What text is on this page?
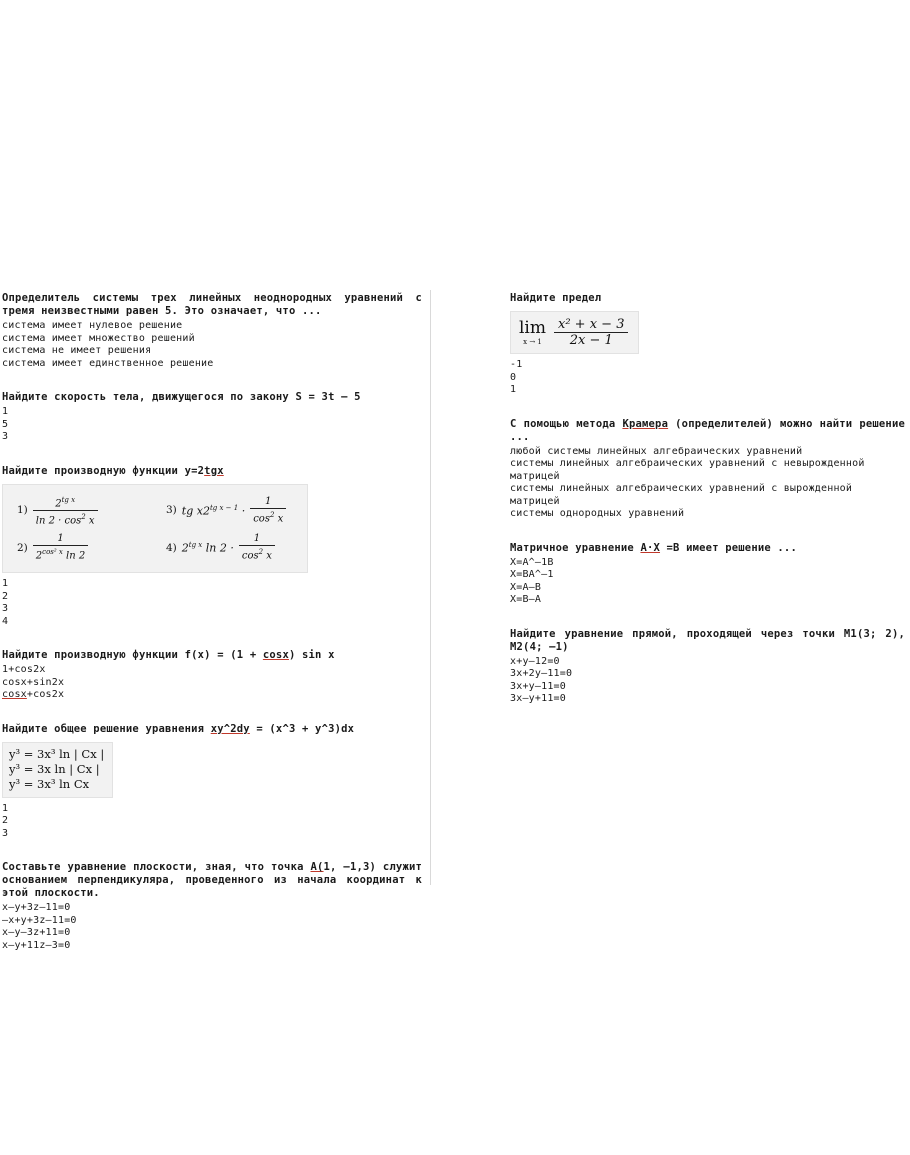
Определитель системы трех линейных неоднородных уравнений с тремя неизвестными равен 5. Это означает, что ...
система имеет нулевое решение
система имеет множество решений
система не имеет решения
система имеет единственное решение
Найдите скорость тела, движущегося по закону S = 3t – 5
1
5
3
Найдите производную функции y=2tgx
$1) \frac{2^{tg x}}{\ln 2 \cdot \cos^2 x}$	3) tg $x2^{tg x - 1} \cdot \frac{1}{\cos^2 x}$
$2) \frac{1}{2^{cos^2 x} \ln 2}$	4) $2^{tg x}$ $\ln 2 \cdot \frac{1}{\cos^2 x}$
1
2
3
4
Найдите производную функции f(x) = (1 + cosx) sin x
1+cos2x
cosx+sin2x
cosx+cos2x
Найдите общее решение уравнения xy^2dy = (x^3 + y^3)dx
y³ = 3x³ ln | Cx |
y³ = 3x ln | Cx |
y³ = 3x³ ln Cx
1
2
3
Составьте уравнение плоскости, зная, что точка A(1, –1,3) служит основанием перпендикуляра, проведенного из начала координат к этой плоскости.
x–y+3z–11=0
–x+y+3z–11=0
x–y–3z+11=0
x–y+11z–3=0
Найдите предел
lim
$x \to 1 \frac{\text{x² + x − 3}}{2x - 1}$
-1
0
1
С помощью метода Крамера (определителей) можно найти решение ...
любой системы линейных алгебраических уравнений
системы линейных алгебраических уравнений с невырожденной матрицей
системы линейных алгебраических уравнений с вырожденной матрицей
системы однородных уравнений
Матричное уравнение A·X =B имеет решение ...
X=A^–1B
X=BA^–1
X=A–B
X=B–A
Найдите уравнение прямой, проходящей через точки M1(3; 2), M2(4; –1)
x+y–12=0
3x+2y–11=0
3x+y–11=0
3x–y+11=0
